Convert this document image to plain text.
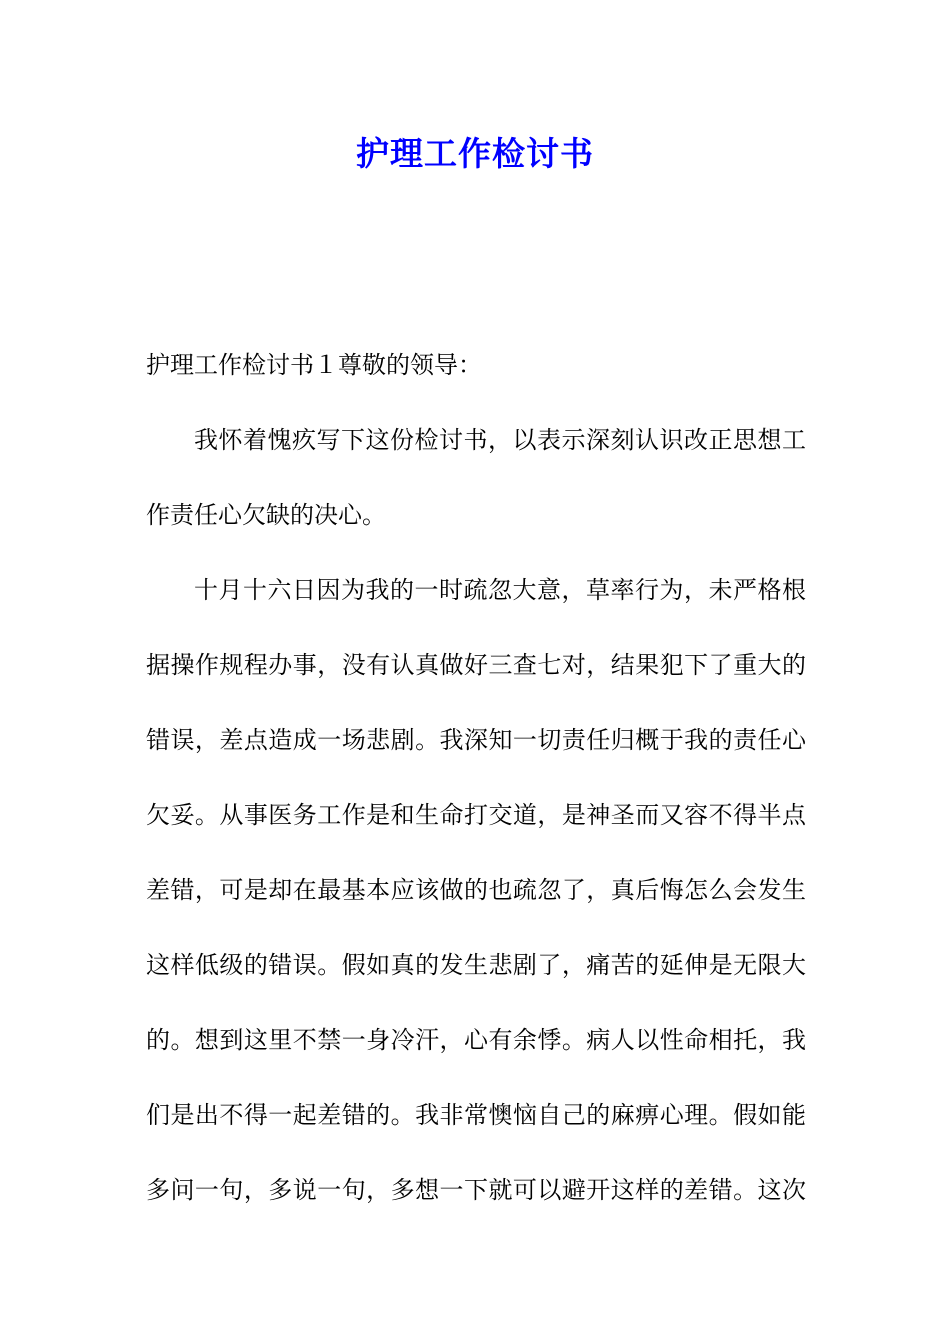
护理工作检讨书
护理工作检讨书１尊敬的领导：
我怀着愧疚写下这份检讨书，以表示深刻认识改正思想工
作责任心欠缺的决心。
十月十六日因为我的一时疏忽大意，草率行为，未严格根
据操作规程办事，没有认真做好三查七对，结果犯下了重大的
错误，差点造成一场悲剧。我深知一切责任归概于我的责任心
欠妥。从事医务工作是和生命打交道，是神圣而又容不得半点
差错，可是却在最基本应该做的也疏忽了，真后悔怎么会发生
这样低级的错误。假如真的发生悲剧了，痛苦的延伸是无限大
的。想到这里不禁一身冷汗，心有余悸。病人以性命相托，我
们是出不得一起差错的。我非常懊恼自己的麻痹心理。假如能
多问一句，多说一句，多想一下就可以避开这样的差错。这次
